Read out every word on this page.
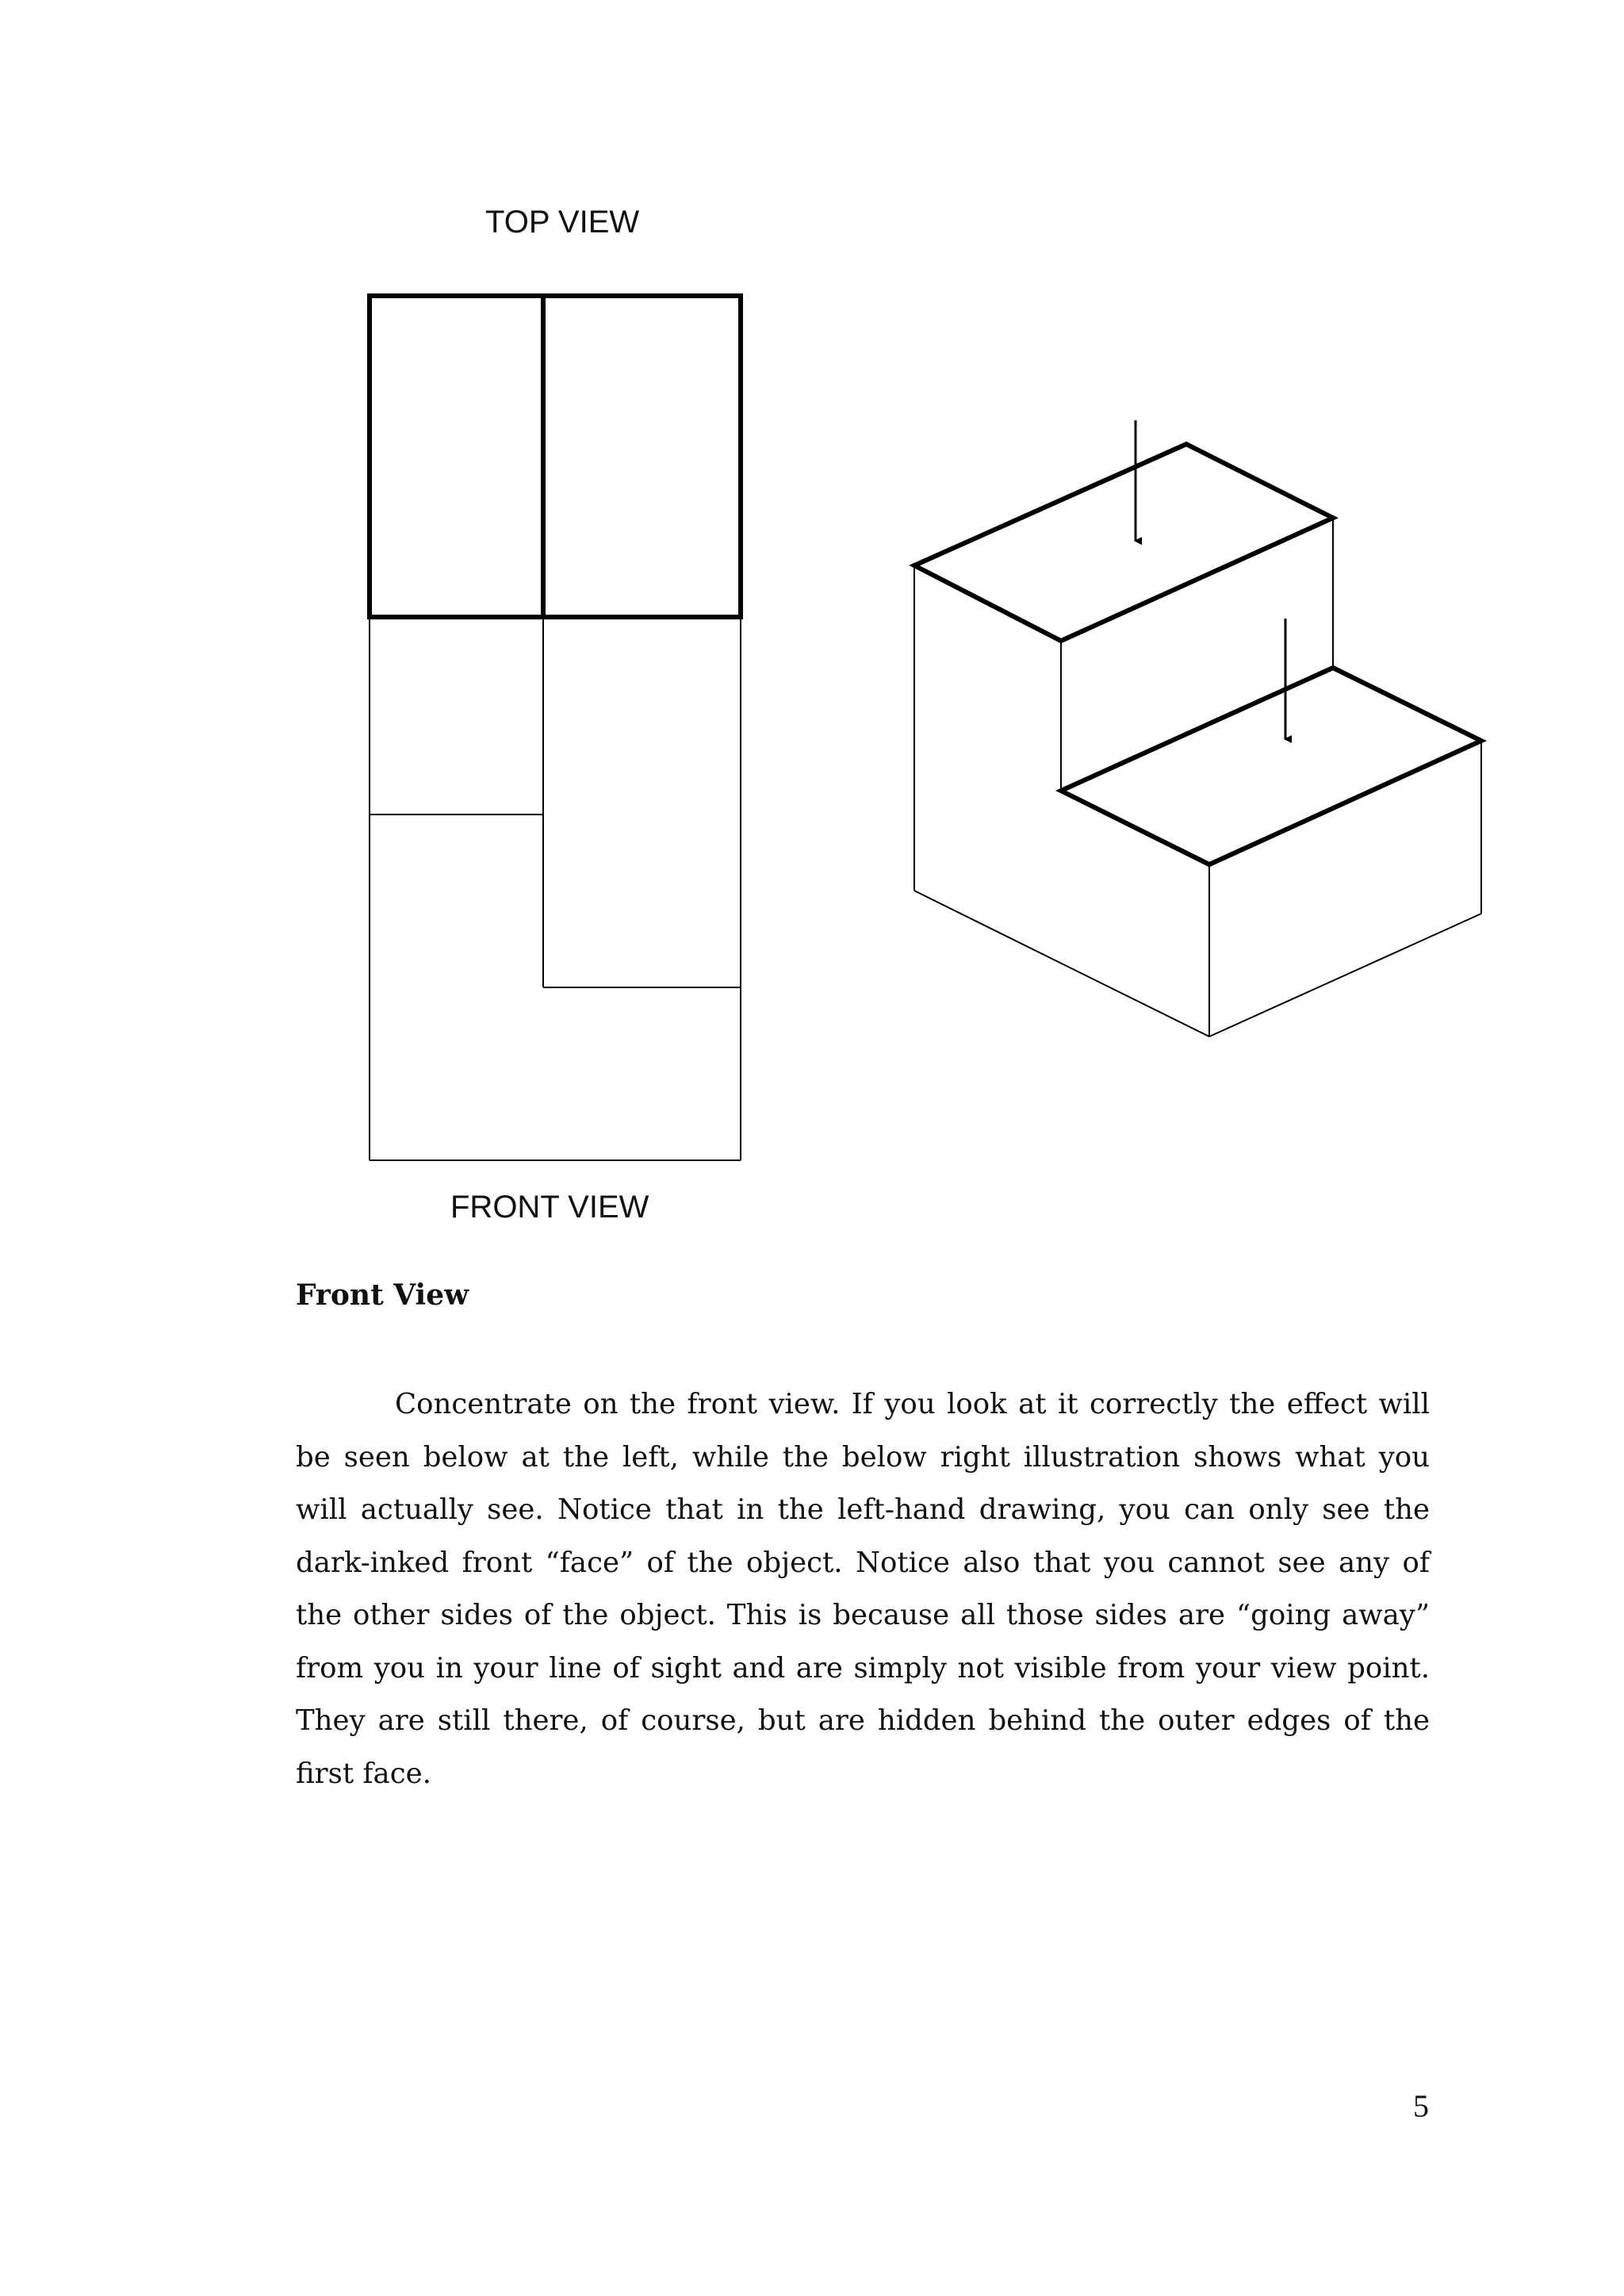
TOP VIEW
FRONT VIEW
Front View

Concentrate on the front view. If you look at it correctly the effect will be seen below at the left, while the below right illustration shows what you will actually see. Notice that in the left-hand drawing, you can only see the dark-inked front “face” of the object. Notice also that you cannot see any of the other sides of the object. This is because all those sides are “going away” from you in your line of sight and are simply not visible from your view point. They are still there, of course, but are hidden behind the outer edges of the first face.

5
